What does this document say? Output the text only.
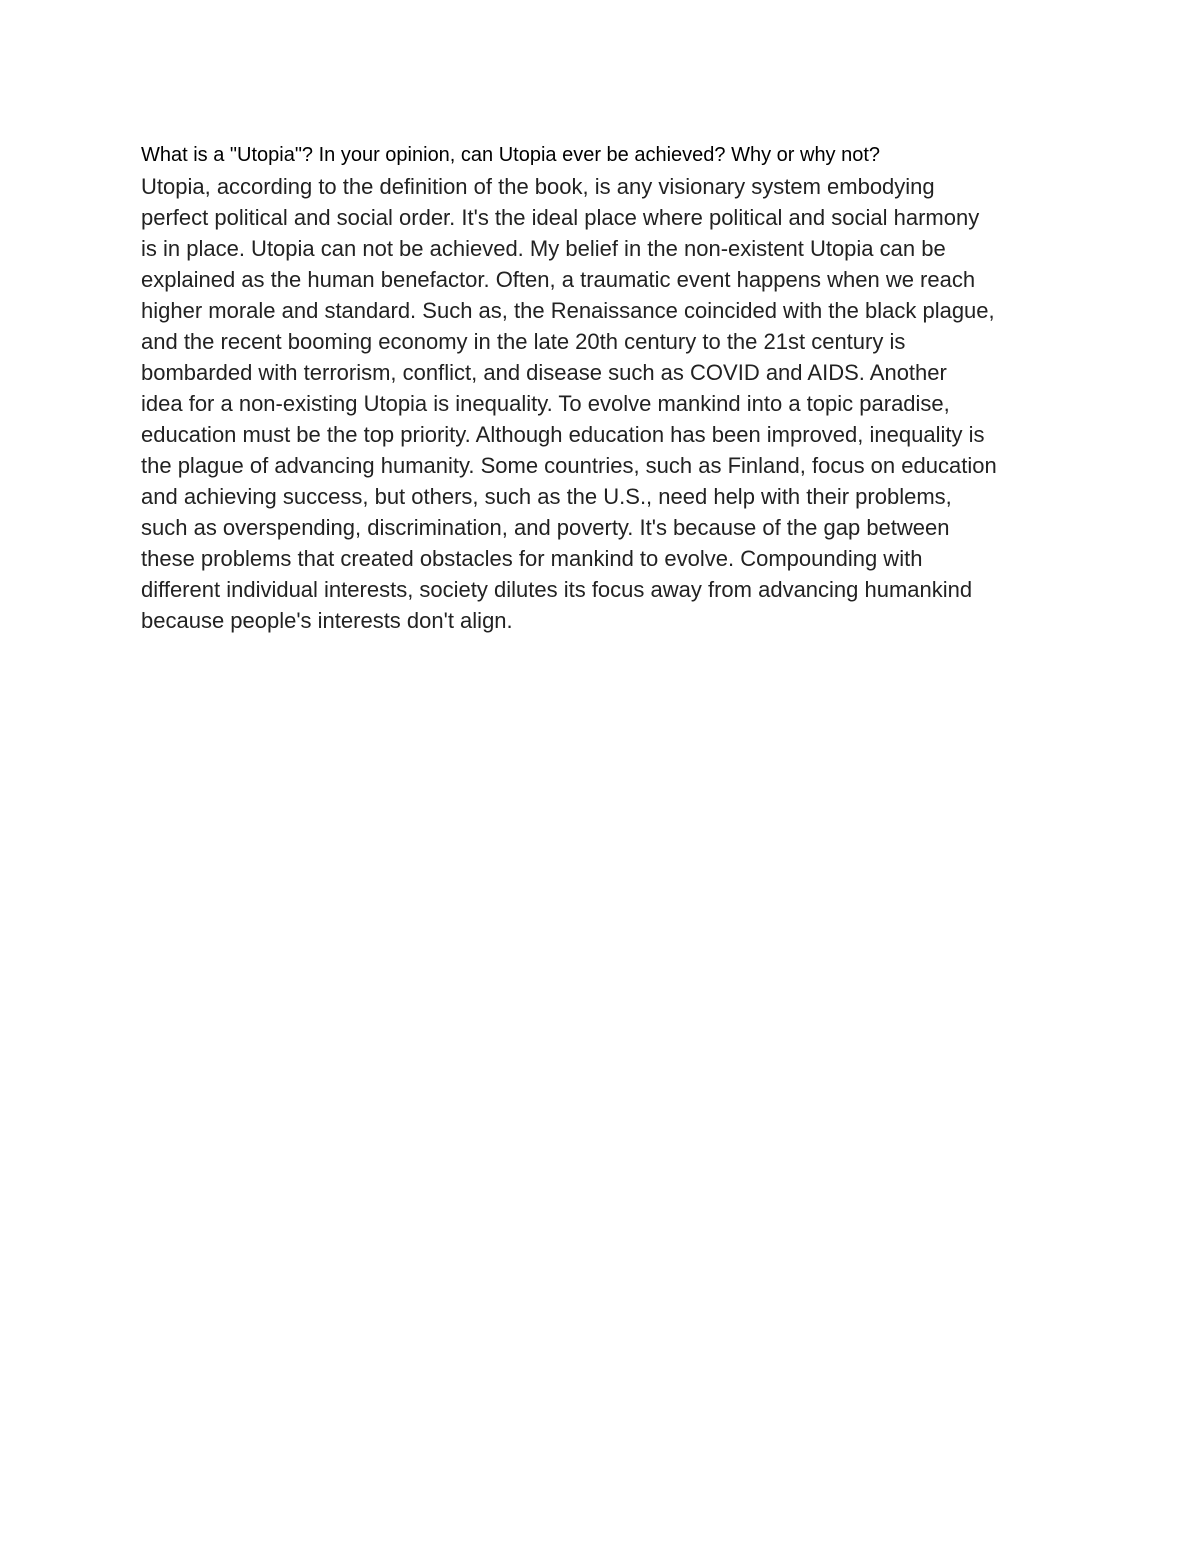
What is a "Utopia"? In your opinion, can Utopia ever be achieved? Why or why not?

Utopia, according to the definition of the book, is any visionary system embodying
perfect political and social order. It's the ideal place where political and social harmony
is in place. Utopia can not be achieved. My belief in the non-existent Utopia can be
explained as the human benefactor. Often, a traumatic event happens when we reach
higher morale and standard. Such as, the Renaissance coincided with the black plague,
and the recent booming economy in the late 20th century to the 21st century is
bombarded with terrorism, conflict, and disease such as COVID and AIDS. Another
idea for a non-existing Utopia is inequality. To evolve mankind into a topic paradise,
education must be the top priority. Although education has been improved, inequality is
the plague of advancing humanity. Some countries, such as Finland, focus on education
and achieving success, but others, such as the U.S., need help with their problems,
such as overspending, discrimination, and poverty. It's because of the gap between
these problems that created obstacles for mankind to evolve. Compounding with
different individual interests, society dilutes its focus away from advancing humankind
because people's interests don't align.
